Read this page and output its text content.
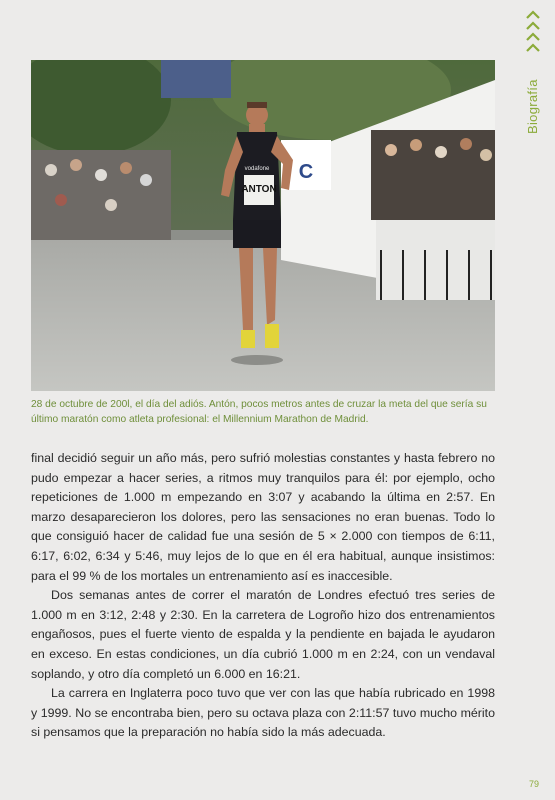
Biografía
C
ANTON
vodafone
28 de octubre de 200l, el día del adiós. Antón, pocos metros antes de cruzar la meta del que sería su último maratón como atleta profesional: el Millennium Marathon de Madrid.

final decidió seguir un año más, pero sufrió molestias constantes y hasta febrero no pudo empezar a hacer series, a ritmos muy tranquilos para él: por ejemplo, ocho repeticiones de 1.000 m empezando en 3:07 y acabando la última en 2:57. En marzo desaparecieron los dolores, pero las sensaciones no eran buenas. Todo lo que consiguió hacer de calidad fue una sesión de 5 × 2.000 con tiempos de 6:11, 6:17, 6:02, 6:34 y 5:46, muy lejos de lo que en él era habitual, aunque insistimos: para el 99 % de los mortales un entrenamiento así es inaccesible.

Dos semanas antes de correr el maratón de Londres efectuó tres series de 1.000 m en 3:12, 2:48 y 2:30. En la carretera de Logroño hizo dos entrenamientos engañosos, pues el fuerte viento de espalda y la pendiente en bajada le ayudaron en exceso. En estas condiciones, un día cubrió 1.000 m en 2:24, con un vendaval soplando, y otro día completó un 6.000 en 16:21.

La carrera en Inglaterra poco tuvo que ver con las que había rubricado en 1998 y 1999. No se encontraba bien, pero su octava plaza con 2:11:57 tuvo mucho mérito si pensamos que la preparación no había sido la más adecuada.

79
